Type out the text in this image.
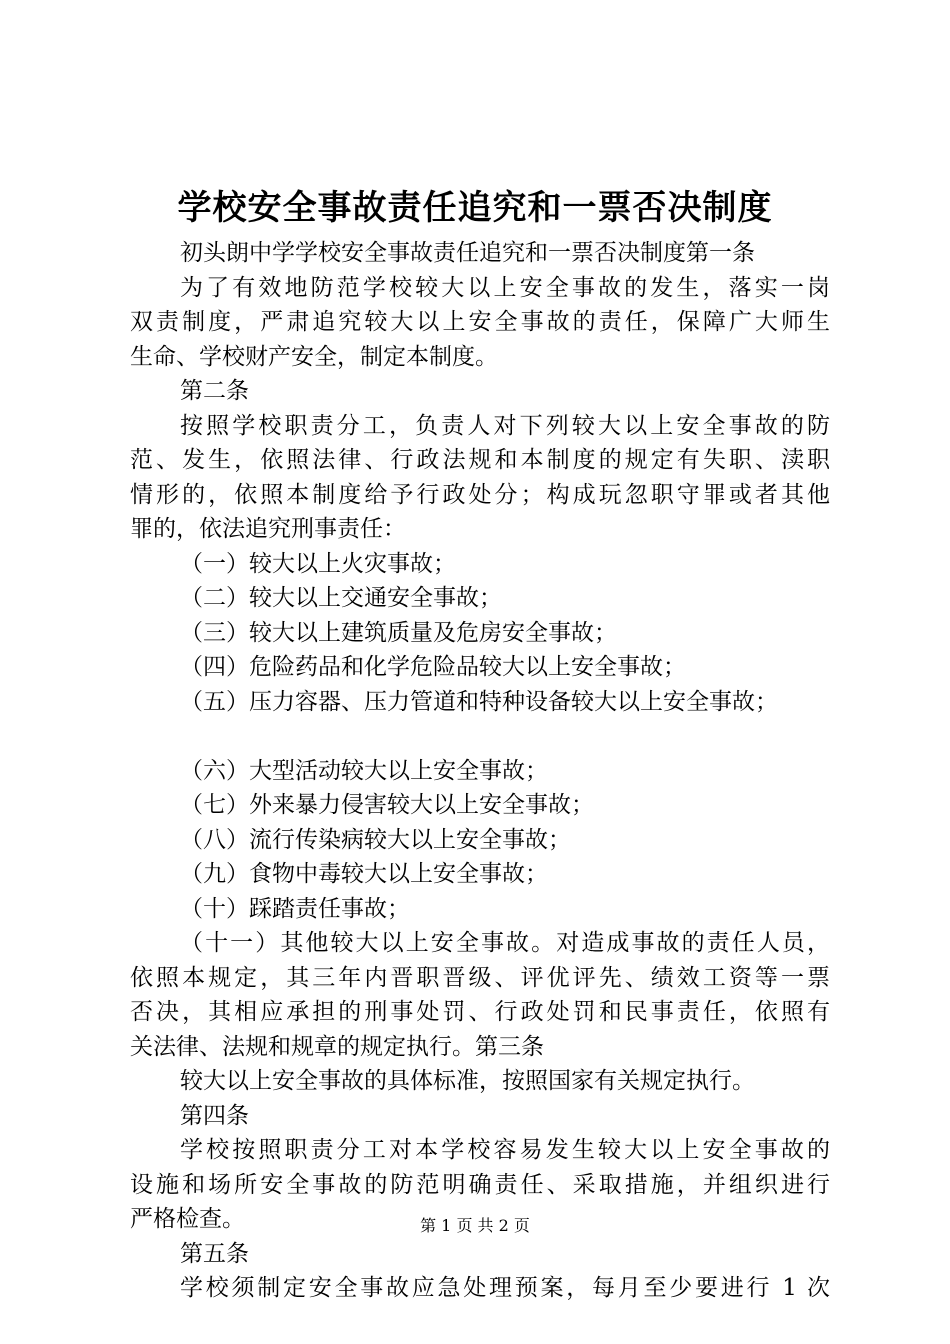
学校安全事故责任追究和一票否决制度
初头朗中学学校安全事故责任追究和一票否决制度第一条
为了有效地防范学校较大以上安全事故的发生，落实一岗
双责制度，严肃追究较大以上安全事故的责任，保障广大师生
生命、学校财产安全，制定本制度。
第二条
按照学校职责分工，负责人对下列较大以上安全事故的防
范、发生，依照法律、行政法规和本制度的规定有失职、渎职
情形的，依照本制度给予行政处分；构成玩忽职守罪或者其他
罪的，依法追究刑事责任：
（一）较大以上火灾事故；
（二）较大以上交通安全事故；
（三）较大以上建筑质量及危房安全事故；
（四）危险药品和化学危险品较大以上安全事故；
（五）压力容器、压力管道和特种设备较大以上安全事故；
（六）大型活动较大以上安全事故；
（七）外来暴力侵害较大以上安全事故；
（八）流行传染病较大以上安全事故；
（九）食物中毒较大以上安全事故；
（十）踩踏责任事故；
（十一）其他较大以上安全事故。对造成事故的责任人员，
依照本规定，其三年内晋职晋级、评优评先、绩效工资等一票
否决，其相应承担的刑事处罚、行政处罚和民事责任，依照有
关法律、法规和规章的规定执行。第三条
较大以上安全事故的具体标准，按照国家有关规定执行。
第四条
学校按照职责分工对本学校容易发生较大以上安全事故的
设施和场所安全事故的防范明确责任、采取措施，并组织进行
严格检查。
第五条
学校须制定安全事故应急处理预案，每月至少要进行 1 次
第 1 页 共 2 页
